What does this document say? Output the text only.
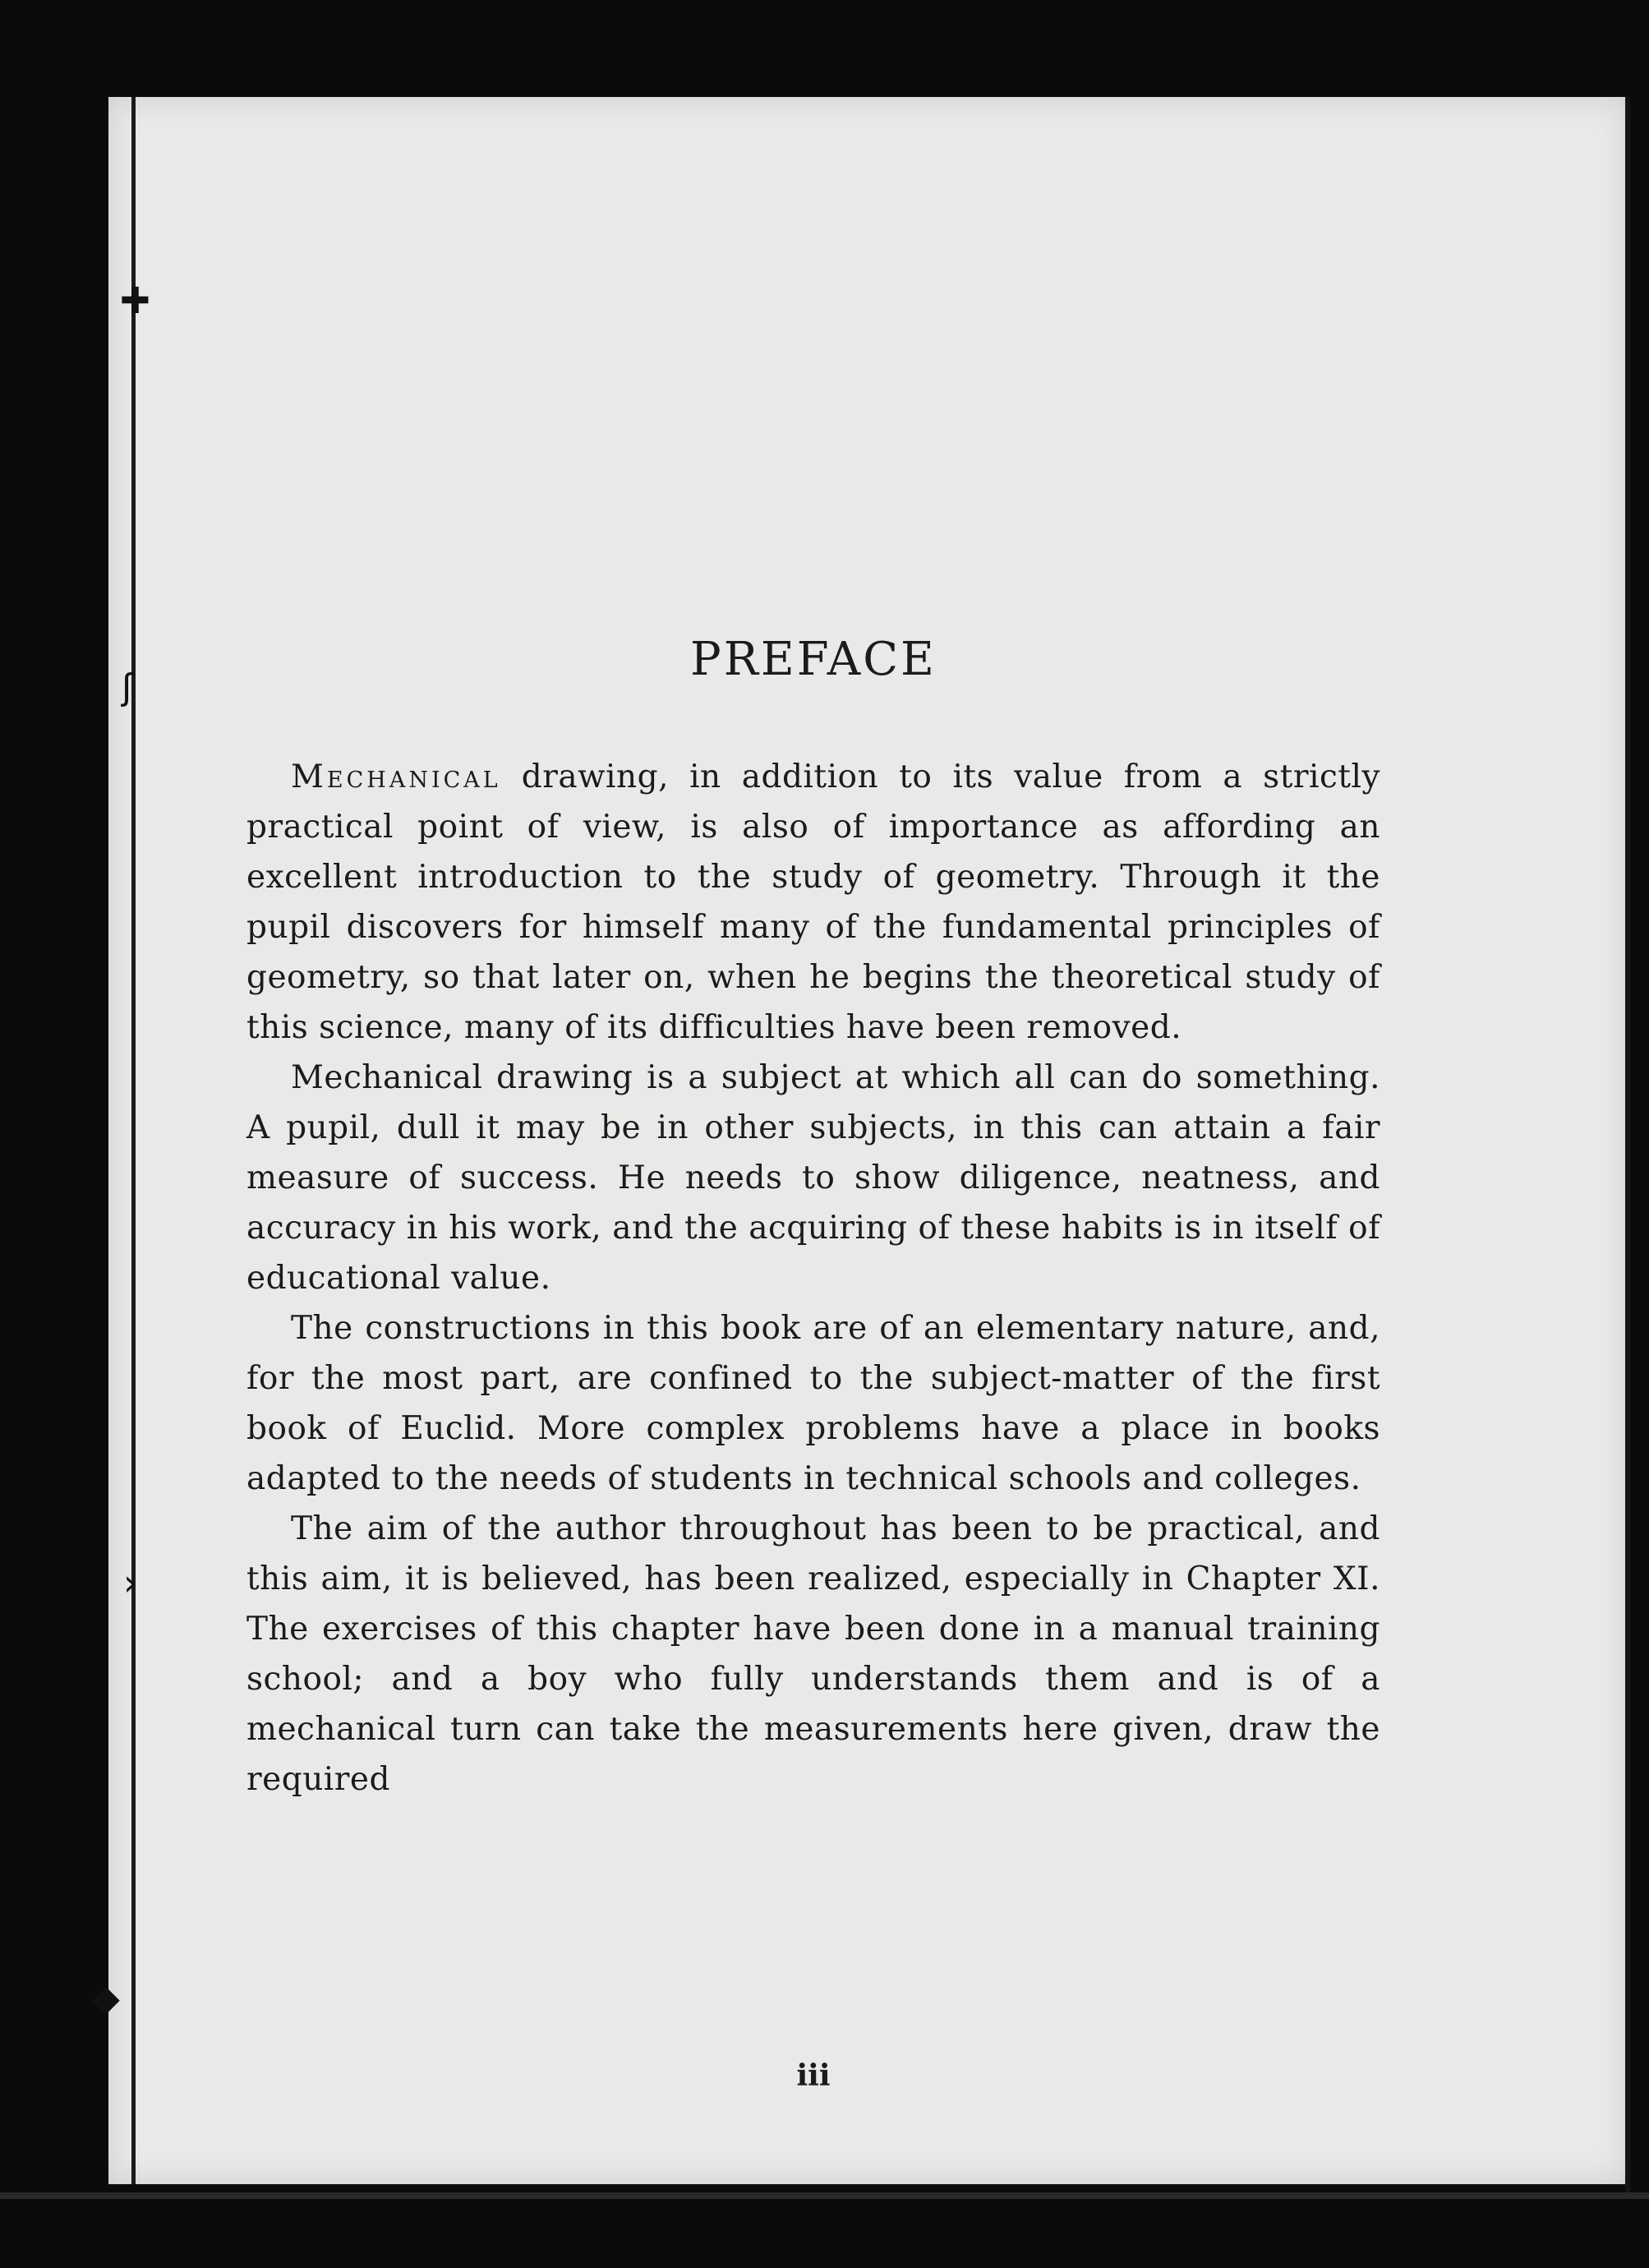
PREFACE

Mechanical drawing, in addition to its value from a strictly practical point of view, is also of importance as affording an excellent introduction to the study of geometry. Through it the pupil discovers for himself many of the fundamental principles of geometry, so that later on, when he begins the theoretical study of this science, many of its difficulties have been removed.

Mechanical drawing is a subject at which all can do something. A pupil, dull it may be in other subjects, in this can attain a fair measure of success. He needs to show diligence, neatness, and accuracy in his work, and the acquiring of these habits is in itself of educational value.

The constructions in this book are of an elementary nature, and, for the most part, are confined to the subject-matter of the first book of Euclid. More complex problems have a place in books adapted to the needs of students in technical schools and colleges.

The aim of the author throughout has been to be practical, and this aim, it is believed, has been realized, especially in Chapter XI. The exercises of this chapter have been done in a manual training school; and a boy who fully understands them and is of a mechanical turn can take the measurements here given, draw the required

iii
✚
ʃ
›
◆
